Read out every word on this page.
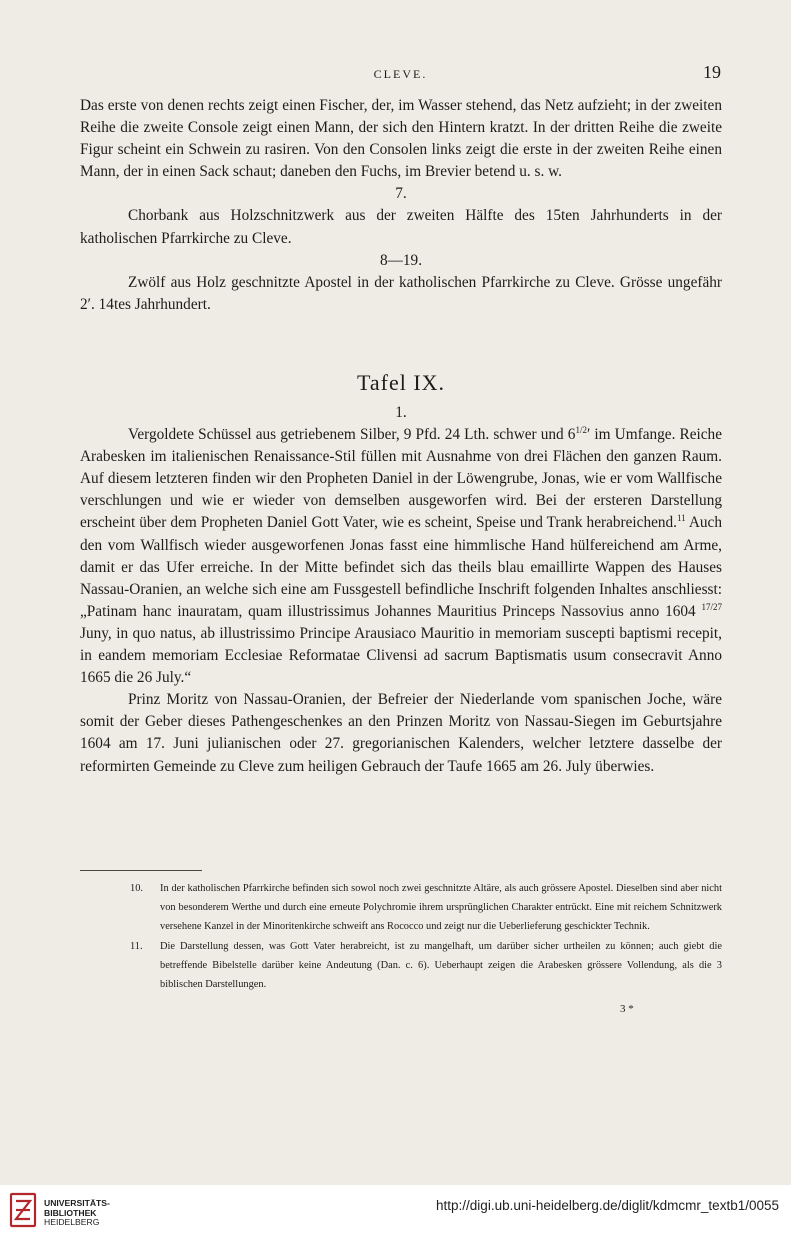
CLEVE.	19

Das erste von denen rechts zeigt einen Fischer, der, im Wasser stehend, das Netz aufzieht; in der zweiten Reihe die zweite Console zeigt einen Mann, der sich den Hintern kratzt. In der dritten Reihe die zweite Figur scheint ein Schwein zu rasiren. Von den Consolen links zeigt die erste in der zweiten Reihe einen Mann, der in einen Sack schaut; daneben den Fuchs, im Brevier betend u. s. w.

7.

Chorbank aus Holzschnitzwerk aus der zweiten Hälfte des 15ten Jahrhunderts in der katholischen Pfarrkirche zu Cleve.

8—19.

Zwölf aus Holz geschnitzte Apostel in der katholischen Pfarrkirche zu Cleve. Grösse ungefähr 2′. 14tes Jahrhundert.

Tafel IX.

1.

Vergoldete Schüssel aus getriebenem Silber, 9 Pfd. 24 Lth. schwer und $6^{1/2}'$ im Umfange. Reiche Arabesken im italienischen Renaissance-Stil füllen mit Ausnahme von drei Flächen den ganzen Raum. Auf diesem letzteren finden wir den Propheten Daniel in der Löwengrube, Jonas, wie er vom Wallfische verschlungen und wie er wieder von demselben ausgeworfen wird. Bei der ersteren Darstellung erscheint über dem Propheten Daniel Gott Vater, wie es scheint, Speise und Trank herabreichend.$^{11}$ Auch den vom Wallfisch wieder ausgeworfenen Jonas fasst eine himmlische Hand hülfereichend am Arme, damit er das Ufer erreiche. In der Mitte befindet sich das theils blau emaillirte Wappen des Hauses Nassau-Oranien, an welche sich eine am Fussgestell befindliche Inschrift folgenden Inhaltes anschliesst: „Patinam hanc inauratam, quam illustrissimus Johannes Mauritius Princeps Nassovius anno 1604 $^{17/27}$ Juny, in quo natus, ab illustrissimo Principe Arausiaco Mauritio in memoriam suscepti baptismi recepit, in eandem memoriam Ecclesiae Reformatae Clivensi ad sacrum Baptismatis usum consecravit Anno 1665 die 26 July.“

Prinz Moritz von Nassau-Oranien, der Befreier der Niederlande vom spanischen Joche, wäre somit der Geber dieses Pathengeschenkes an den Prinzen Moritz von Nassau-Siegen im Geburtsjahre 1604 am 17. Juni julianischen oder 27. gregorianischen Kalenders, welcher letztere dasselbe der reformirten Gemeinde zu Cleve zum heiligen Gebrauch der Taufe 1665 am 26. July überwies.

10. In der katholischen Pfarrkirche befinden sich sowol noch zwei geschnitzte Altäre, als auch grössere Apostel. Dieselben sind aber nicht von besonderem Werthe und durch eine erneute Polychromie ihrem ursprünglichen Charakter entrückt. Eine mit reichem Schnitzwerk versehene Kanzel in der Minoritenkirche schweift ans Rococco und zeigt nur die Ueberlieferung geschickter Technik.

11. Die Darstellung dessen, was Gott Vater herabreicht, ist zu mangelhaft, um darüber sicher urtheilen zu können; auch giebt die betreffende Bibelstelle darüber keine Andeutung (Dan. c. 6). Ueberhaupt zeigen die Arabesken grössere Vollendung, als die 3 biblischen Darstellungen.

3 *
UNIVERSITÄTS-
BIBLIOTHEK
HEIDELBERG
http://digi.ub.uni-heidelberg.de/diglit/kdmcmr_textb1/0055
